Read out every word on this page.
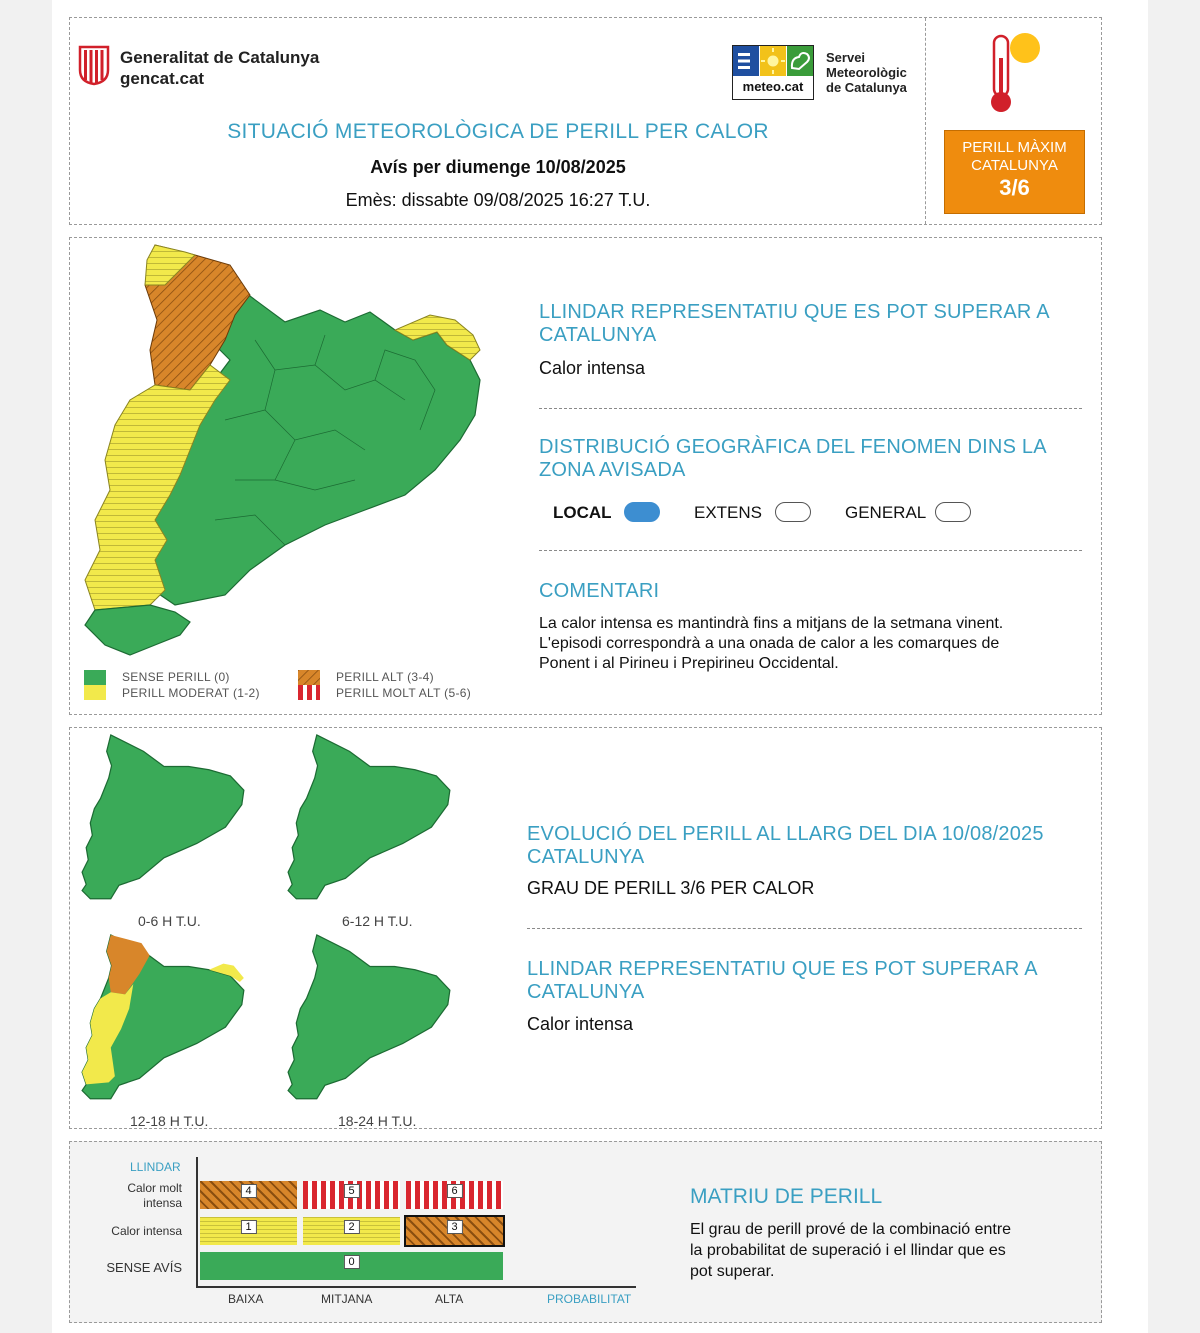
Generalitat de Catalunya
gencat.cat	meteo.cat
Servei
Meteorològic
de Catalunya
SITUACIÓ METEOROLÒGICA DE PERILL PER CALOR
Avís per diumenge 10/08/2025
Emès: dissabte 09/08/2025 16:27 T.U.
PERILL MÀXIM
CATALUNYA
3/6
SENSE PERILL (0)
PERILL MODERAT (1-2)
PERILL ALT (3-4)
PERILL MOLT ALT (5-6)
LLINDAR REPRESENTATIU QUE ES POT SUPERAR A CATALUNYA
Calor intensa
DISTRIBUCIÓ GEOGRÀFICA DEL FENOMEN DINS LA ZONA AVISADA
LOCAL	EXTENS	GENERAL
COMENTARI
La calor intensa es mantindrà fins a mitjans de la setmana vinent.
L'episodi correspondrà a una onada de calor a les comarques de
Ponent i al Pirineu i Prepirineu Occidental.
0-6 H T.U.	6-12 H T.U.
12-18 H T.U.	18-24 H T.U.
EVOLUCIÓ DEL PERILL AL LLARG DEL DIA 10/08/2025 CATALUNYA
GRAU DE PERILL 3/6 PER CALOR
LLINDAR REPRESENTATIU QUE ES POT SUPERAR A CATALUNYA
Calor intensa
LLINDAR
Calor molt intensa
Calor intensa
SENSE AVÍS
4	5	6
1	2	3
0
BAIXA	MITJANA	ALTA	PROBABILITAT
MATRIU DE PERILL
El grau de perill prové de la combinació entre
la probabilitat de superació i el llindar que es
pot superar.
